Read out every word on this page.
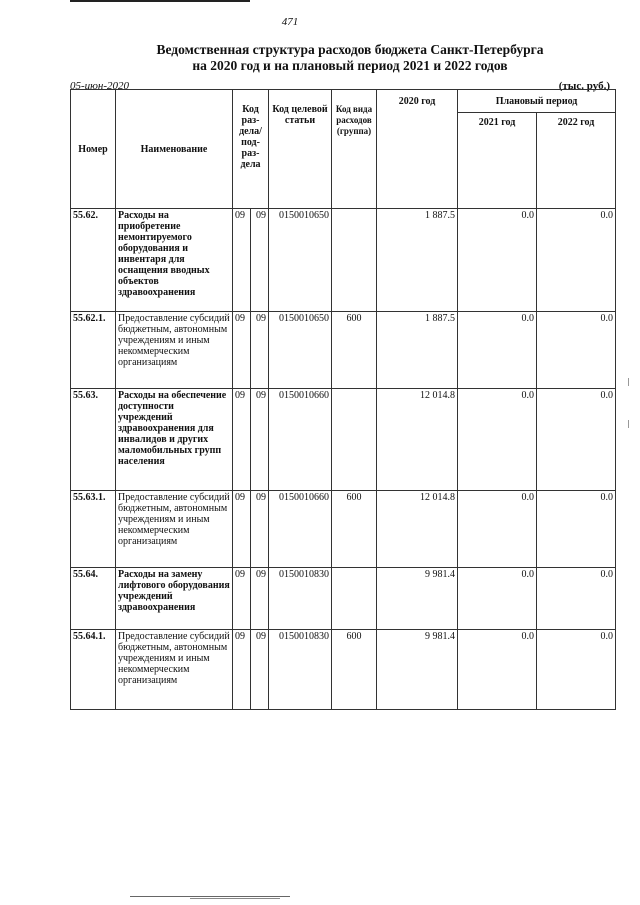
471
Ведомственная структура расходов бюджета Санкт-Петербурга
на 2020 год и на плановый период 2021 и 2022 годов
05-июн-2020	(тыс. руб.)
Номер	Наименование	Код раз-дела/ под-раз-дела		Код целевой статьи	Код вида расходов (группа)	2020 год	Плановый период	
							2021 год	2022 год
55.62.	Расходы на приобретение немонтируемого оборудования и инвентаря для оснащения вводных объектов здравоохранения	09	09	0150010650		1 887.5	0.0	0.0
55.62.1.	Предоставление субсидий бюджетным, автономным учреждениям и иным некоммерческим организациям	09	09	0150010650	600	1 887.5	0.0	0.0
55.63.	Расходы на обеспечение доступности учреждений здравоохранения для инвалидов и других маломобильных групп населения	09	09	0150010660		12 014.8	0.0	0.0
55.63.1.	Предоставление субсидий бюджетным, автономным учреждениям и иным некоммерческим организациям	09	09	0150010660	600	12 014.8	0.0	0.0
55.64.	Расходы на замену лифтового оборудования учреждений здравоохранения	09	09	0150010830		9 981.4	0.0	0.0
55.64.1.	Предоставление субсидий бюджетным, автономным учреждениям и иным некоммерческим организациям	09	09	0150010830	600	9 981.4	0.0	0.0
